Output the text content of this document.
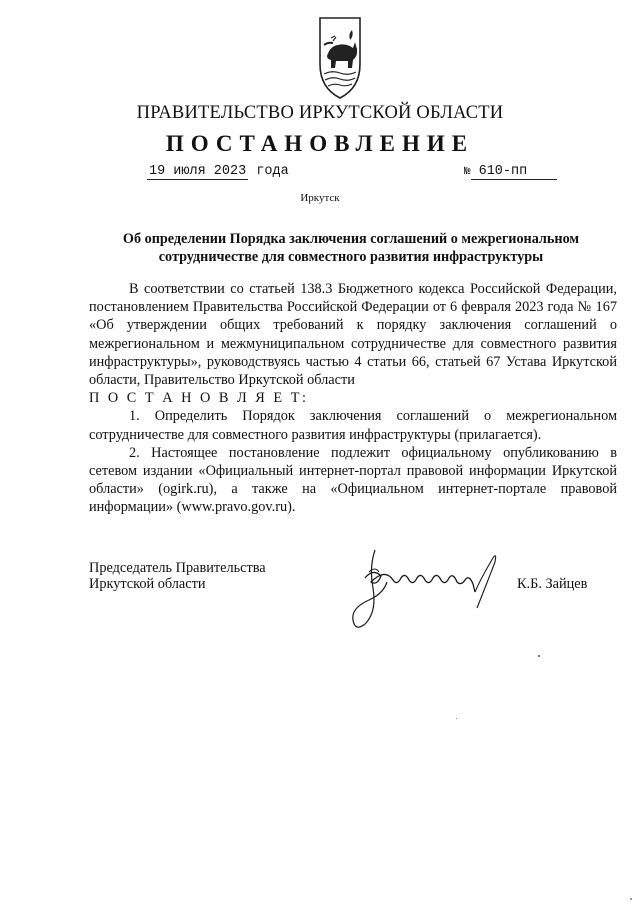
ПРАВИТЕЛЬСТВО ИРКУТСКОЙ ОБЛАСТИ
ПОСТАНОВЛЕНИЕ
19 июля 2023 года	№ 610-пп
Иркутск
Об определении Порядка заключения соглашений о межрегиональном сотрудничестве для совместного развития инфраструктуры

В соответствии со статьей 138.3 Бюджетного кодекса Российской Федерации, постановлением Правительства Российской Федерации от 6 февраля 2023 года № 167 «Об утверждении общих требований к порядку заключения соглашений о межрегиональном и межмуниципальном сотрудничестве для совместного развития инфраструктуры», руководствуясь частью 4 статьи 66, статьей 67 Устава Иркутской области, Правительство Иркутской области

П О С Т А Н О В Л Я Е Т:

1. Определить Порядок заключения соглашений о межрегиональном сотрудничестве для совместного развития инфраструктуры (прилагается).

2. Настоящее постановление подлежит официальному опубликованию в сетевом издании «Официальный интернет-портал правовой информации Иркутской области» (ogirk.ru), а также на «Официальном интернет-портале правовой информации» (www.pravo.gov.ru).

Председатель Правительства
Иркутской области	К.Б. Зайцев
